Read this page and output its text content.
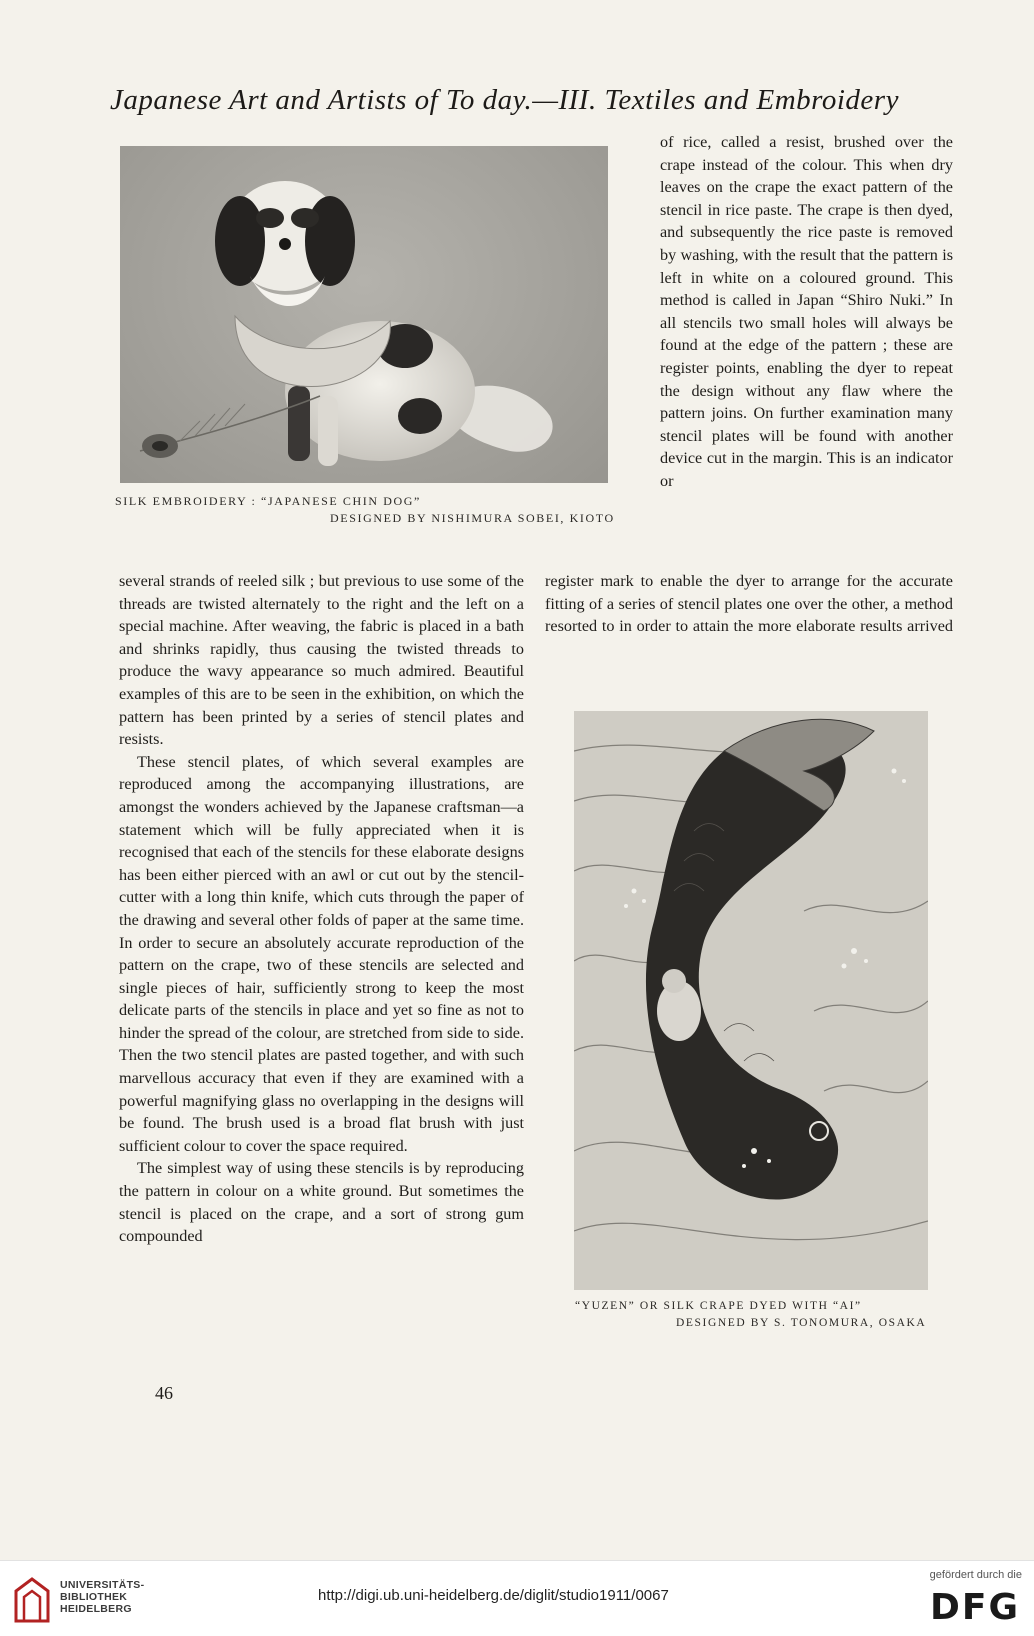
Japanese Art and Artists of To day.—III. Textiles and Embroidery
SILK EMBROIDERY : “JAPANESE CHIN DOG”
DESIGNED BY NISHIMURA SOBEI, KIOTO

of rice, called a resist, brushed over the crape instead of the colour. This when dry leaves on the crape the exact pattern of the stencil in rice paste. The crape is then dyed, and subsequently the rice paste is removed by washing, with the result that the pattern is left in white on a coloured ground. This method is called in Japan “Shiro Nuki.” In all stencils two small holes will always be found at the edge of the pattern ; these are register points, enabling the dyer to repeat the design without any flaw where the pattern joins. On further examination many stencil plates will be found with another device cut in the margin. This is an indicator or

register mark to enable the dyer to arrange for the accurate fitting of a series of stencil plates one over the other, a method resorted to in order to attain the more elaborate results arrived

several strands of reeled silk ; but previous to use some of the threads are twisted alternately to the right and the left on a special machine. After weaving, the fabric is placed in a bath and shrinks rapidly, thus causing the twisted threads to produce the wavy appearance so much admired. Beautiful examples of this are to be seen in the exhibition, on which the pattern has been printed by a series of stencil plates and resists.

These stencil plates, of which several examples are reproduced among the accompanying illustrations, are amongst the wonders achieved by the Japanese craftsman—a statement which will be fully appreciated when it is recognised that each of the stencils for these elaborate designs has been either pierced with an awl or cut out by the stencil-cutter with a long thin knife, which cuts through the paper of the drawing and several other folds of paper at the same time. In order to secure an absolutely accurate reproduction of the pattern on the crape, two of these stencils are selected and single pieces of hair, sufficiently strong to keep the most delicate parts of the stencils in place and yet so fine as not to hinder the spread of the colour, are stretched from side to side. Then the two stencil plates are pasted together, and with such marvellous accuracy that even if they are examined with a powerful magnifying glass no overlapping in the designs will be found. The brush used is a broad flat brush with just sufficient colour to cover the space required.

The simplest way of using these stencils is by reproducing the pattern in colour on a white ground. But sometimes the stencil is placed on the crape, and a sort of strong gum compounded

“YUZEN” OR SILK CRAPE DYED WITH “AI”
DESIGNED BY S. TONOMURA, OSAKA
46
UNIVERSITÄTS-
BIBLIOTHEK
HEIDELBERG
http://digi.ub.uni-heidelberg.de/diglit/studio1911/0067
gefördert durch die
DFG
